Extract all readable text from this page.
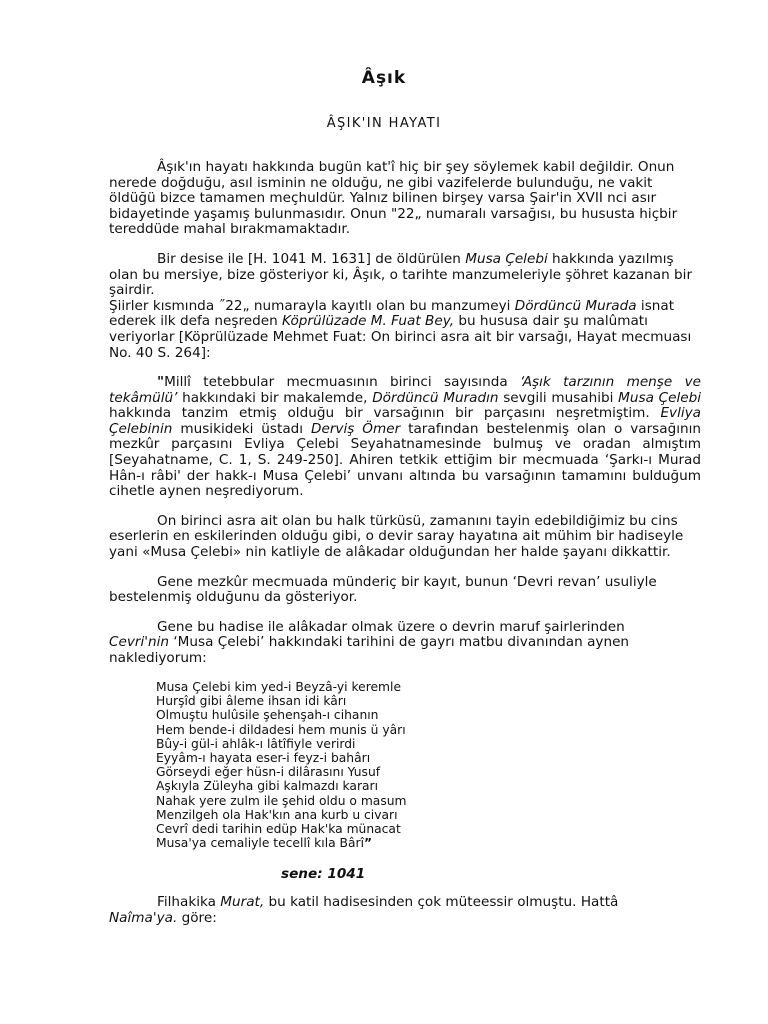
Âşık
ÂŞIK'IN HAYATI

Âşık'ın hayatı hakkında bugün kat'î hiç bir şey söylemek kabil değildir. Onun nerede doğduğu, asıl isminin ne olduğu, ne gibi vazifelerde bulunduğu, ne vakit öldüğü bizce tamamen meçhuldür. Yalnız bilinen birşey varsa Şair'in XVII nci asır bidayetinde yaşamış bulunmasıdır. Onun "22„ numaralı varsağısı, bu hususta hiçbir tereddüde mahal bırakmamaktadır.

Bir desise ile [H. 1041 M. 1631] de öldürülen Musa Çelebi hakkında yazılmış olan bu mersiye, bize gösteriyor ki, Âşık, o tarihte manzumeleriyle şöhret kazanan bir şairdir.

Şiirler kısmında ˝22„ numarayla kayıtlı olan bu manzumeyi Dördüncü Murada isnat ederek ilk defa neşreden Köprülüzade M. Fuat Bey, bu hususa dair şu malûmatı veriyorlar [Köprülüzade Mehmet Fuat: On birinci asra ait bir varsağı, Hayat mecmuası No. 40 S. 264]:

"Millî tetebbular mecmuasının birinci sayısında ‘Aşık tarzının menşe ve tekâmülü’ hakkındaki bir makalemde, Dördüncü Muradın sevgili musahibi Musa Çelebi hakkında tanzim etmiş olduğu bir varsağının bir parçasını neşretmiştim. Evliya Çelebinin musikideki üstadı Derviş Ömer tarafından bestelenmiş olan o varsağının mezkûr parçasını Evliya Çelebi Seyahatnamesinde bulmuş ve oradan almıştım [Seyahatname, C. 1, S. 249-250]. Ahiren tetkik ettiğim bir mecmuada ‘Şarkı-ı Murad Hân-ı râbi' der hakk-ı Musa Çelebi’ unvanı altında bu varsağının tamamını bulduğum cihetle aynen neşrediyorum.

On birinci asra ait olan bu halk türküsü, zamanını tayin edebildiğimiz bu cins eserlerin en eskilerinden olduğu gibi, o devir saray hayatına ait mühim bir hadiseyle yani «Musa Çelebi» nin katliyle de alâkadar olduğundan her halde şayanı dikkattir.

Gene mezkûr mecmuada münderiç bir kayıt, bunun ‘Devri revan’ usuliyle bestelenmiş olduğunu da gösteriyor.

Gene bu hadise ile alâkadar olmak üzere o devrin maruf şairlerinden
Cevri'nin ‘Musa Çelebi’ hakkındaki tarihini de gayrı matbu divanından aynen naklediyorum:

Musa Çelebi kim yed-i Beyzâ-yi keremle
Hurşîd gibi âleme ihsan idi kârı
Olmuştu hulûsile şehenşah-ı cihanın
Hem bende-i dildadesi hem munis ü yârı
Bûy-i gül-i ahlâk-ı lâtîfiyle verirdi
Eyyâm-ı hayata eser-i feyz-i bahârı
Görseydi eğer hüsn-i dilârasını Yusuf
Aşkıyla Züleyha gibi kalmazdı kararı
Nahak yere zulm ile şehid oldu o masum
Menzilgeh ola Hak'kın ana kurb u civarı
Cevrî dedi tarihin edüp Hak'ka münacat
Musa'ya cemaliyle tecellî kıla Bârî”
sene: 1041
Filhakika Murat, bu katil hadisesinden çok müteessir olmuştu. Hattâ
Naîma'ya. göre:
